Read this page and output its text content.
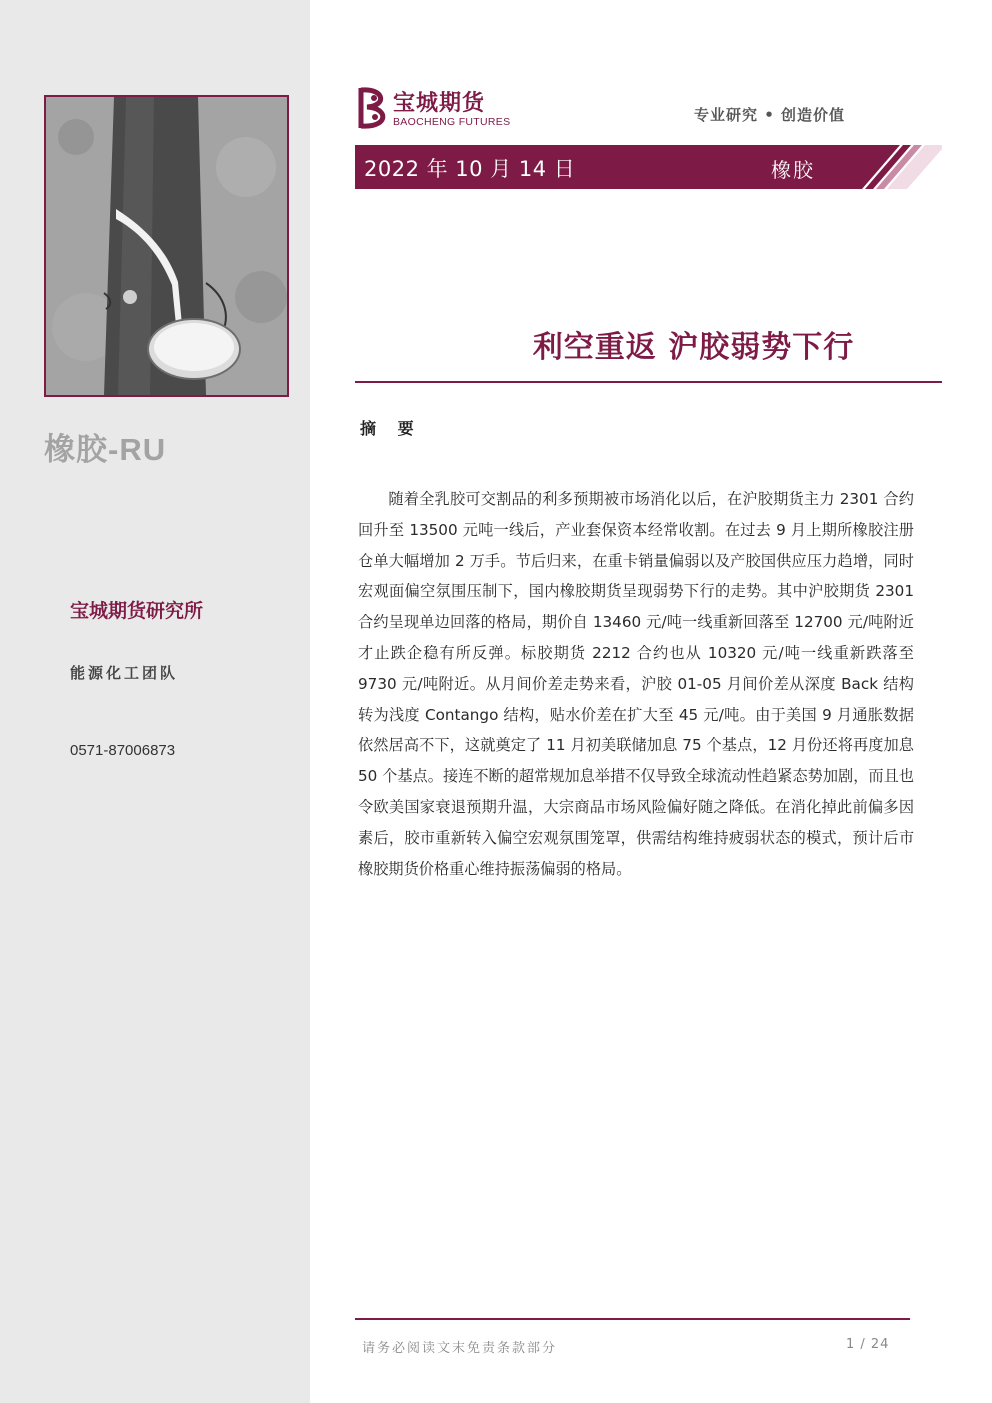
橡胶-RU
宝城期货研究所
能源化工团队
0571-87006873
宝城期货
BAOCHENG FUTURES	专业研究 • 创造价值
2022 年 10 月 14 日	橡胶
利空重返 沪胶弱势下行
摘 要

随着全乳胶可交割品的利多预期被市场消化以后，在沪胶期货主力 2301 合约回升至 13500 元吨一线后，产业套保资本经常收割。在过去 9 月上期所橡胶注册仓单大幅增加 2 万手。节后归来，在重卡销量偏弱以及产胶国供应压力趋增，同时宏观面偏空氛围压制下，国内橡胶期货呈现弱势下行的走势。其中沪胶期货 2301 合约呈现单边回落的格局，期价自 13460 元/吨一线重新回落至 12700 元/吨附近才止跌企稳有所反弹。标胶期货 2212 合约也从 10320 元/吨一线重新跌落至 9730 元/吨附近。从月间价差走势来看，沪胶 01-05 月间价差从深度 Back 结构转为浅度 Contango 结构，贴水价差在扩大至 45 元/吨。由于美国 9 月通胀数据依然居高不下，这就奠定了 11 月初美联储加息 75 个基点，12 月份还将再度加息 50 个基点。接连不断的超常规加息举措不仅导致全球流动性趋紧态势加剧，而且也令欧美国家衰退预期升温，大宗商品市场风险偏好随之降低。在消化掉此前偏多因素后，胶市重新转入偏空宏观氛围笼罩，供需结构维持疲弱状态的模式，预计后市橡胶期货价格重心维持振荡偏弱的格局。

请务必阅读文末免责条款部分	1 / 24
